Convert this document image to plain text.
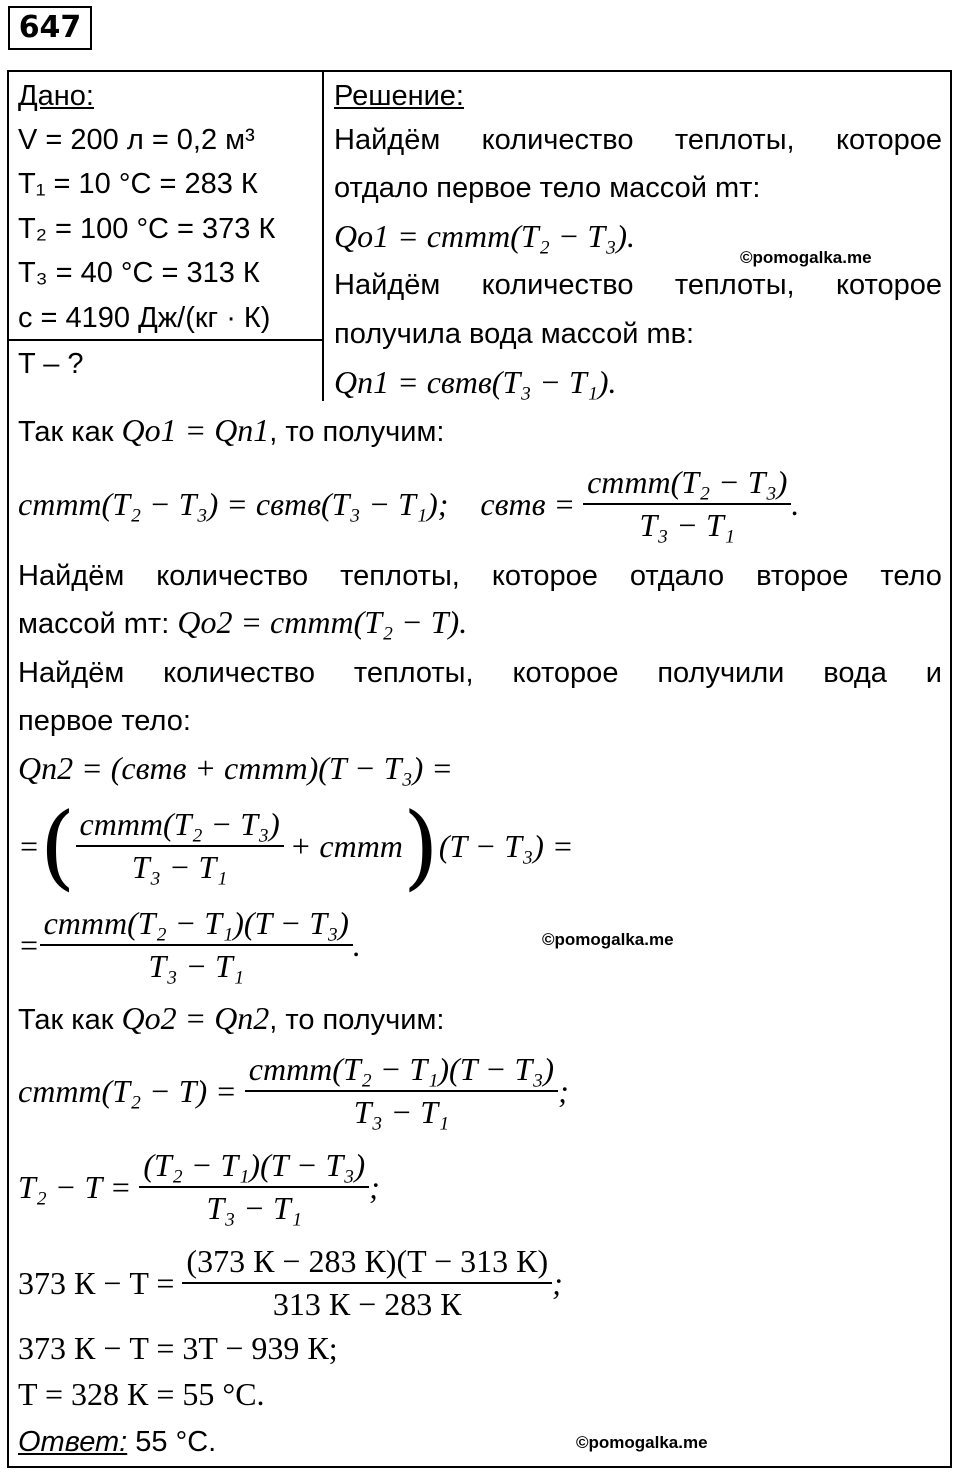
647
Дано:
V = 200 л = 0,2 м³
T₁ = 10 °C = 283 К
T₂ = 100 °C = 373 К
T₃ = 40 °C = 313 К
c = 4190 Дж/(кг · К)
T – ?
Решение:
Найдём количество теплоты, которое
отдало первое тело массой mт:
Qо1 = cтmт(T₂ − T₃).
©pomogalka.me
Найдём количество теплоты, которое
получила вода массой mв:
Qп1 = cвmв(T₃ − T₁).
Так как Qо1 = Qп1, то получим:
cтmт(T₂ − T₃) = cвmв(T₃ − T₁);    cвmв = $\frac{\text{cтmт(T₂ − T₃)}}{\text{T₃ − T₁}}$ .
Найдём количество теплоты, которое отдало второе тело
массой mт: Qо2 = cтmт(T₂ − T).
Найдём количество теплоты, которое получили вода и
первое тело:
Qп2 = (cвmв + cтmт)(T − T₃) =
= ( $\frac{\text{cтmт(T₂ − T₃)}}{\text{T₃ − T₁}}$ + cтmт ) (T − T₃) =
= $\frac{\text{cтmт(T₂ − T₁)(T − T₃)}}{\text{T₃ − T₁}}$ .	©pomogalka.me
Так как Qо2 = Qп2, то получим:
cтmт(T₂ − $T) = \frac{\text{cтmт(T₂ − T₁)(T − T₃)}}{\text{T₃ − T₁}}$ ;
$T_2 - T = \frac{\text{(T₂ − T₁)(T − T₃)}}{\text{T₃ − T₁}}$ ;
373 $К - T = \frac{(373 К - 283 К)(T - 313 К)}{313 К - 283 К}$ ;
373 К − T = 3T − 939 К;
T = 328 К = 55 °С.
Ответ: 55 °С.	©pomogalka.me
